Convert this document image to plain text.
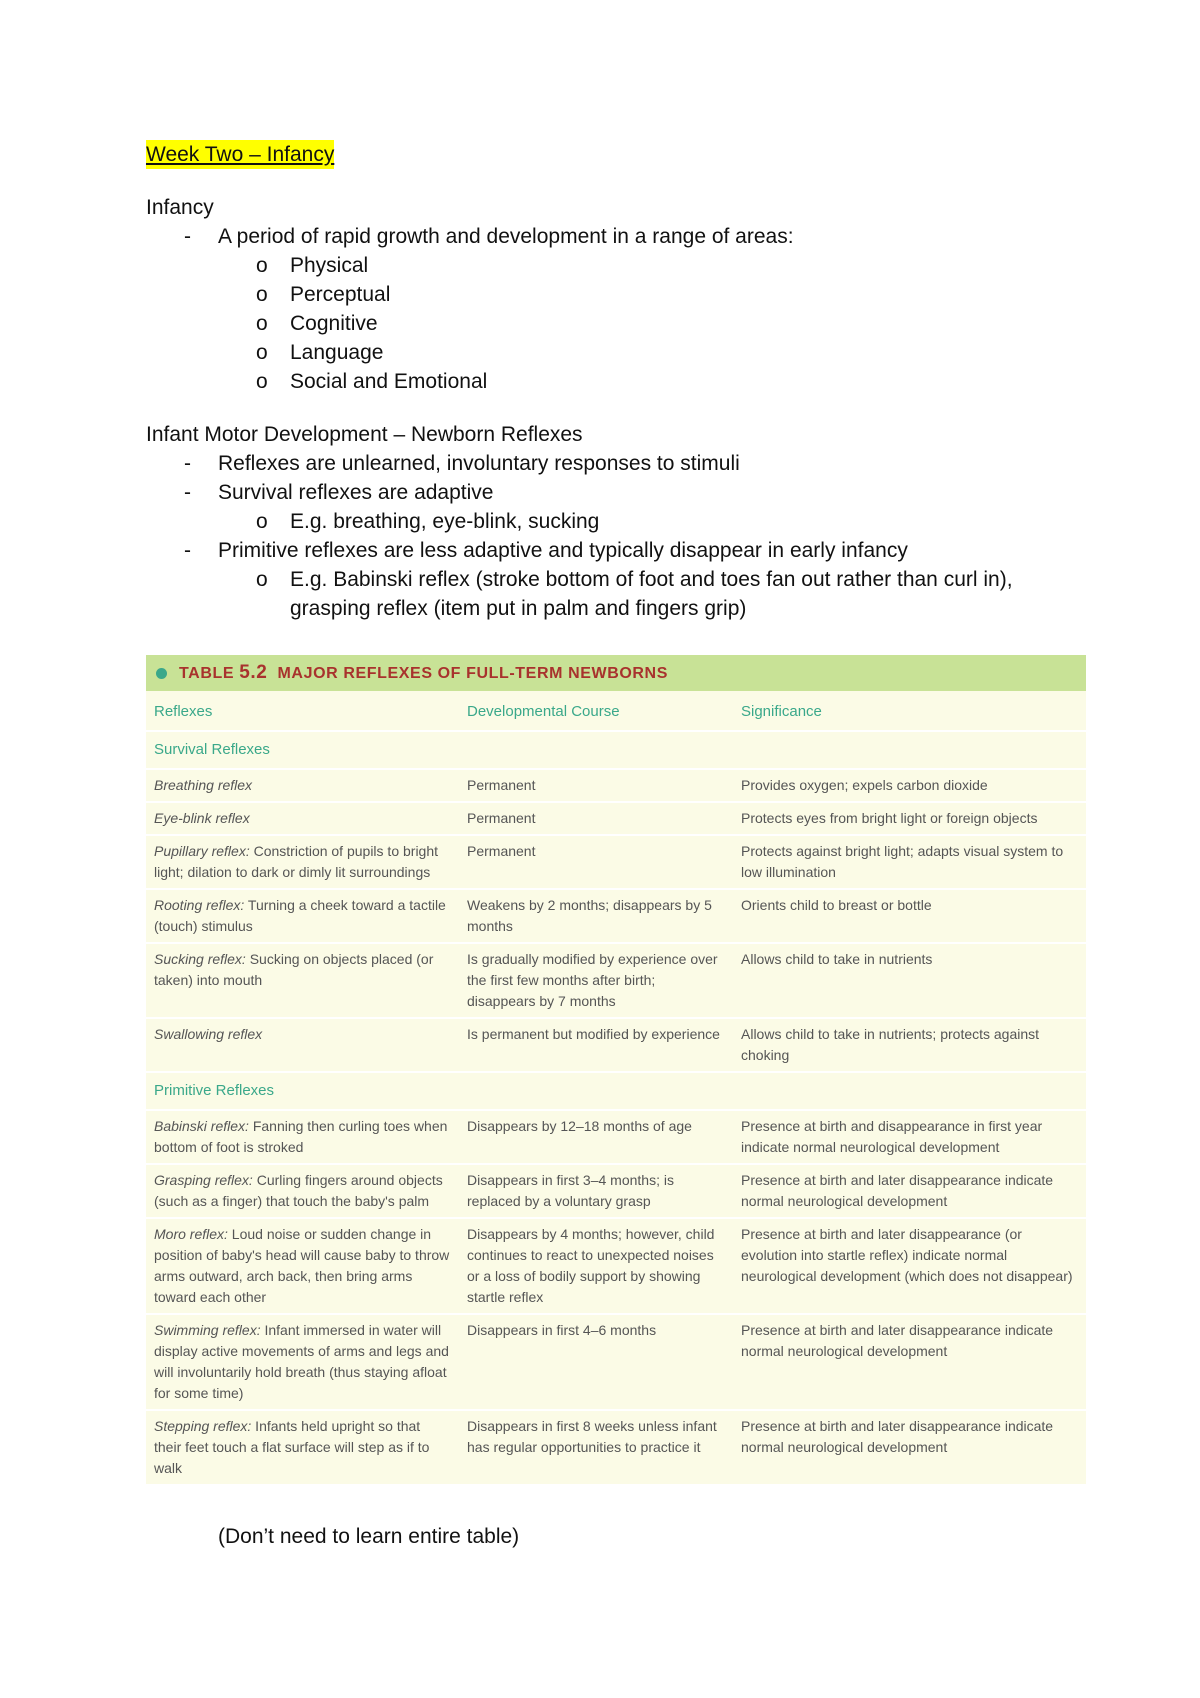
Week Two – Infancy
Infancy
- A period of rapid growth and development in a range of areas:
o Physical
o Perceptual
o Cognitive
o Language
o Social and Emotional
Infant Motor Development – Newborn Reflexes
- Reflexes are unlearned, involuntary responses to stimuli
- Survival reflexes are adaptive
o E.g. breathing, eye-blink, sucking
- Primitive reflexes are less adaptive and typically disappear in early infancy
o E.g. Babinski reflex (stroke bottom of foot and toes fan out rather than curl in), grasping reflex (item put in palm and fingers grip)
TABLE 5.2 MAJOR REFLEXES OF FULL-TERM NEWBORNS
Reflexes	Developmental Course	Significance
Survival Reflexes		
Breathing reflex	Permanent	Provides oxygen; expels carbon dioxide
Eye-blink reflex	Permanent	Protects eyes from bright light or foreign objects
Pupillary reflex: Constriction of pupils to bright light; dilation to dark or dimly lit surroundings	Permanent	Protects against bright light; adapts visual system to low illumination
Rooting reflex: Turning a cheek toward a tactile (touch) stimulus	Weakens by 2 months; disappears by 5 months	Orients child to breast or bottle
Sucking reflex: Sucking on objects placed (or taken) into mouth	Is gradually modified by experience over the first few months after birth; disappears by 7 months	Allows child to take in nutrients
Swallowing reflex	Is permanent but modified by experience	Allows child to take in nutrients; protects against choking
Primitive Reflexes		
Babinski reflex: Fanning then curling toes when bottom of foot is stroked	Disappears by 12–18 months of age	Presence at birth and disappearance in first year indicate normal neurological development
Grasping reflex: Curling fingers around objects (such as a finger) that touch the baby's palm	Disappears in first 3–4 months; is replaced by a voluntary grasp	Presence at birth and later disappearance indicate normal neurological development
Moro reflex: Loud noise or sudden change in position of baby's head will cause baby to throw arms outward, arch back, then bring arms toward each other	Disappears by 4 months; however, child continues to react to unexpected noises or a loss of bodily support by showing startle reflex	Presence at birth and later disappearance (or evolution into startle reflex) indicate normal neurological development (which does not disappear)
Swimming reflex: Infant immersed in water will display active movements of arms and legs and will involuntarily hold breath (thus staying afloat for some time)	Disappears in first 4–6 months	Presence at birth and later disappearance indicate normal neurological development
Stepping reflex: Infants held upright so that their feet touch a flat surface will step as if to walk	Disappears in first 8 weeks unless infant has regular opportunities to practice it	Presence at birth and later disappearance indicate normal neurological development
(Don’t need to learn entire table)
